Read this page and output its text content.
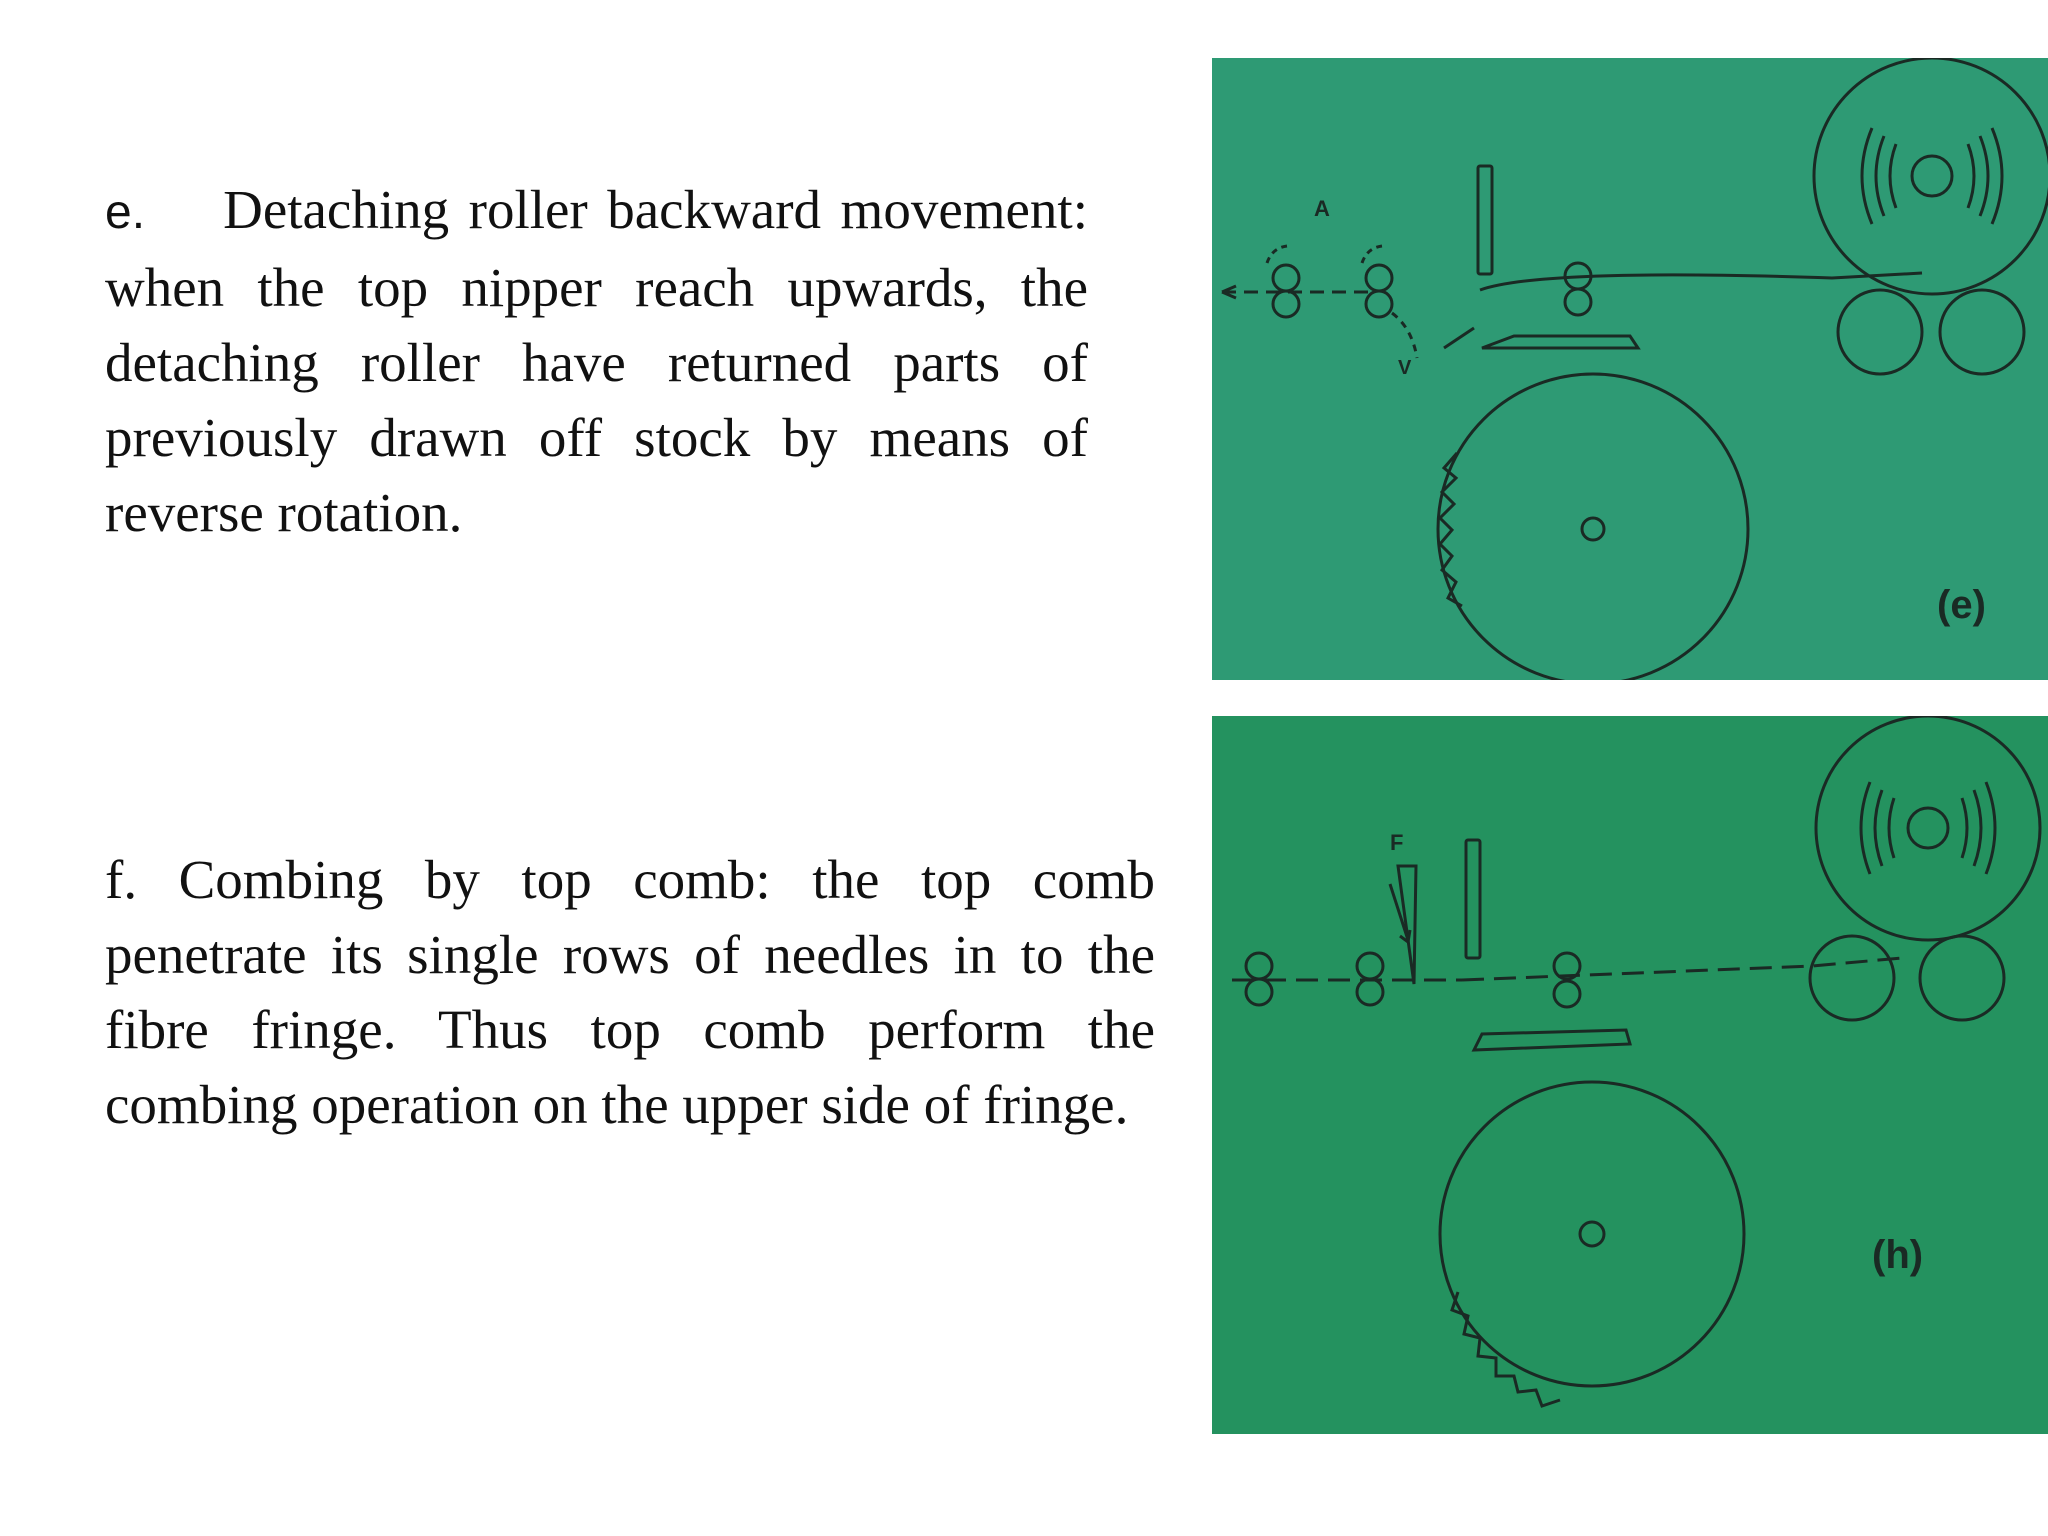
e. Detaching roller backward movement: when the top nipper reach upwards, the detaching roller have returned parts of previously drawn off stock by means of reverse rotation.
f. Combing by top comb: the top comb penetrate its single rows of needles in to the fibre fringe. Thus top comb perform the combing operation on the upper side of fringe.
A
V
(e)
F
(h)
